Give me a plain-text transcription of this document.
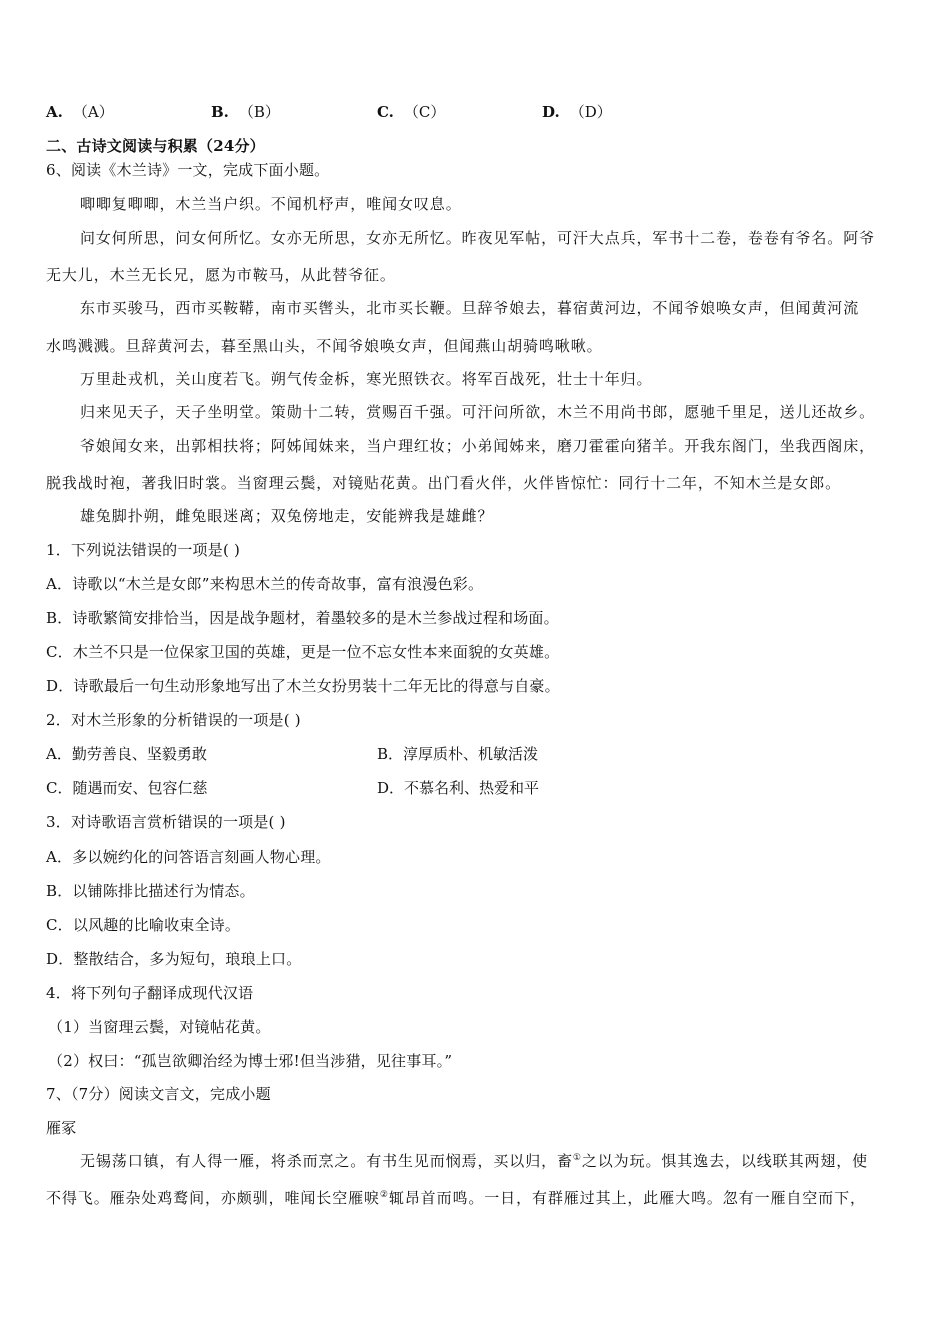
A. （A）	B. （B）	C. （C）	D. （D）
二、古诗文阅读与积累（24分）
6、阅读《木兰诗》一文，完成下面小题。
唧唧复唧唧，木兰当户织。不闻机杼声，唯闻女叹息。
问女何所思，问女何所忆。女亦无所思，女亦无所忆。昨夜见军帖，可汗大点兵，军书十二卷，卷卷有爷名。阿爷
无大儿，木兰无长兄，愿为市鞍马，从此替爷征。
东市买骏马，西市买鞍鞯，南市买辔头，北市买长鞭。旦辞爷娘去，暮宿黄河边，不闻爷娘唤女声，但闻黄河流
水鸣溅溅。旦辞黄河去，暮至黑山头，不闻爷娘唤女声，但闻燕山胡骑鸣啾啾。
万里赴戎机，关山度若飞。朔气传金柝，寒光照铁衣。将军百战死，壮士十年归。
归来见天子，天子坐明堂。策勋十二转，赏赐百千强。可汗问所欲，木兰不用尚书郎，愿驰千里足，送儿还故乡。
爷娘闻女来，出郭相扶将；阿姊闻妹来，当户理红妆；小弟闻姊来，磨刀霍霍向猪羊。开我东阁门，坐我西阁床，
脱我战时袍，著我旧时裳。当窗理云鬓，对镜贴花黄。出门看火伴，火伴皆惊忙：同行十二年，不知木兰是女郎。
雄兔脚扑朔，雌兔眼迷离；双兔傍地走，安能辨我是雄雌？
1．下列说法错误的一项是( )
A．诗歌以“木兰是女郎”来构思木兰的传奇故事，富有浪漫色彩。
B．诗歌繁简安排恰当，因是战争题材，着墨较多的是木兰参战过程和场面。
C．木兰不只是一位保家卫国的英雄，更是一位不忘女性本来面貌的女英雄。
D．诗歌最后一句生动形象地写出了木兰女扮男装十二年无比的得意与自豪。
2．对木兰形象的分析错误的一项是( )
A．勤劳善良、坚毅勇敢	B．淳厚质朴、机敏活泼
C．随遇而安、包容仁慈	D．不慕名利、热爱和平
3．对诗歌语言赏析错误的一项是( )
A．多以婉约化的问答语言刻画人物心理。
B．以铺陈排比描述行为情态。
C．以风趣的比喻收束全诗。
D．整散结合，多为短句，琅琅上口。
4．将下列句子翻译成现代汉语
（1）当窗理云鬓，对镜帖花黄。
（2）权曰：“孤岂欲卿治经为博士邪!但当涉猎，见往事耳。”
7、（7分）阅读文言文，完成小题
雁冢
无锡荡口镇，有人得一雁，将杀而烹之。有书生见而悯焉，买以归，畜①之以为玩。惧其逸去，以线联其两翅，使
不得飞。雁杂处鸡鹜间，亦颇驯，唯闻长空雁唳②辄昂首而鸣。一日，有群雁过其上，此雁大鸣。忽有一雁自空而下，
